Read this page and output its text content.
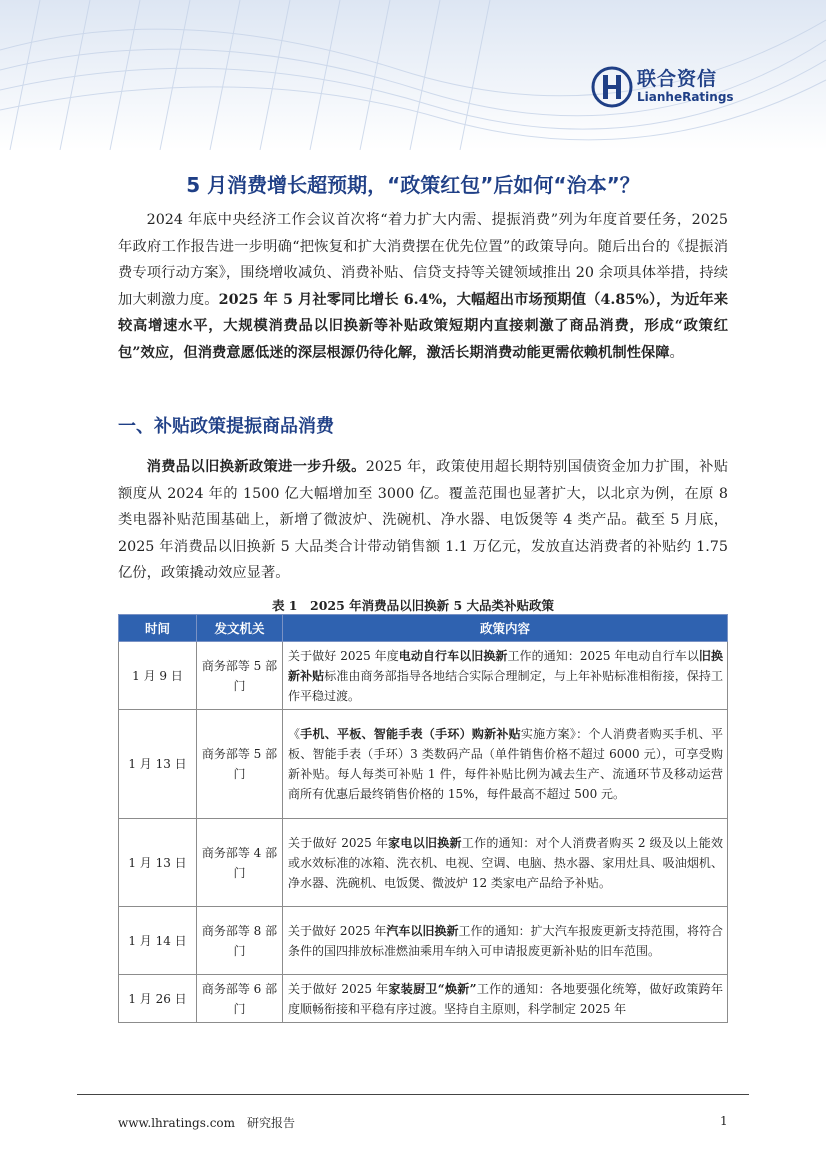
联合资信
LianheRatings
5 月消费增长超预期，“政策红包”后如何“治本”？

2024 年底中央经济工作会议首次将“着力扩大内需、提振消费”列为年度首要任务，2025 年政府工作报告进一步明确“把恢复和扩大消费摆在优先位置”的政策导向。随后出台的《提振消费专项行动方案》，围绕增收减负、消费补贴、信贷支持等关键领域推出 20 余项具体举措，持续加大刺激力度。2025 年 5 月社零同比增长 6.4%，大幅超出市场预期值（4.85%），为近年来较高增速水平，大规模消费品以旧换新等补贴政策短期内直接刺激了商品消费，形成“政策红包”效应，但消费意愿低迷的深层根源仍待化解，激活长期消费动能更需依赖机制性保障。

一、补贴政策提振商品消费

消费品以旧换新政策进一步升级。2025 年，政策使用超长期特别国债资金加力扩围，补贴额度从 2024 年的 1500 亿大幅增加至 3000 亿。覆盖范围也显著扩大，以北京为例，在原 8 类电器补贴范围基础上，新增了微波炉、洗碗机、净水器、电饭煲等 4 类产品。截至 5 月底，2025 年消费品以旧换新 5 大品类合计带动销售额 1.1 万亿元，发放直达消费者的补贴约 1.75 亿份，政策撬动效应显著。

表 1　2025 年消费品以旧换新 5 大品类补贴政策
时间	发文机关	政策内容
1 月 9 日	商务部等 5 部门	关于做好 2025 年度电动自行车以旧换新工作的通知：2025 年电动自行车以旧换新补贴标准由商务部指导各地结合实际合理制定，与上年补贴标准相衔接，保持工作平稳过渡。
1 月 13 日	商务部等 5 部门	《手机、平板、智能手表（手环）购新补贴实施方案》：个人消费者购买手机、平板、智能手表（手环）3 类数码产品（单件销售价格不超过 6000 元），可享受购新补贴。每人每类可补贴 1 件，每件补贴比例为减去生产、流通环节及移动运营商所有优惠后最终销售价格的 15%，每件最高不超过 500 元。
1 月 13 日	商务部等 4 部门	关于做好 2025 年家电以旧换新工作的通知：对个人消费者购买 2 级及以上能效或水效标准的冰箱、洗衣机、电视、空调、电脑、热水器、家用灶具、吸油烟机、净水器、洗碗机、电饭煲、微波炉 12 类家电产品给予补贴。
1 月 14 日	商务部等 8 部门	关于做好 2025 年汽车以旧换新工作的通知：扩大汽车报废更新支持范围，将符合条件的国四排放标准燃油乘用车纳入可申请报废更新补贴的旧车范围。
1 月 26 日	商务部等 6 部门	关于做好 2025 年家装厨卫“焕新”工作的通知：各地要强化统筹，做好政策跨年度顺畅衔接和平稳有序过渡。坚持自主原则，科学制定 2025 年
www.lhratings.com　研究报告	1
